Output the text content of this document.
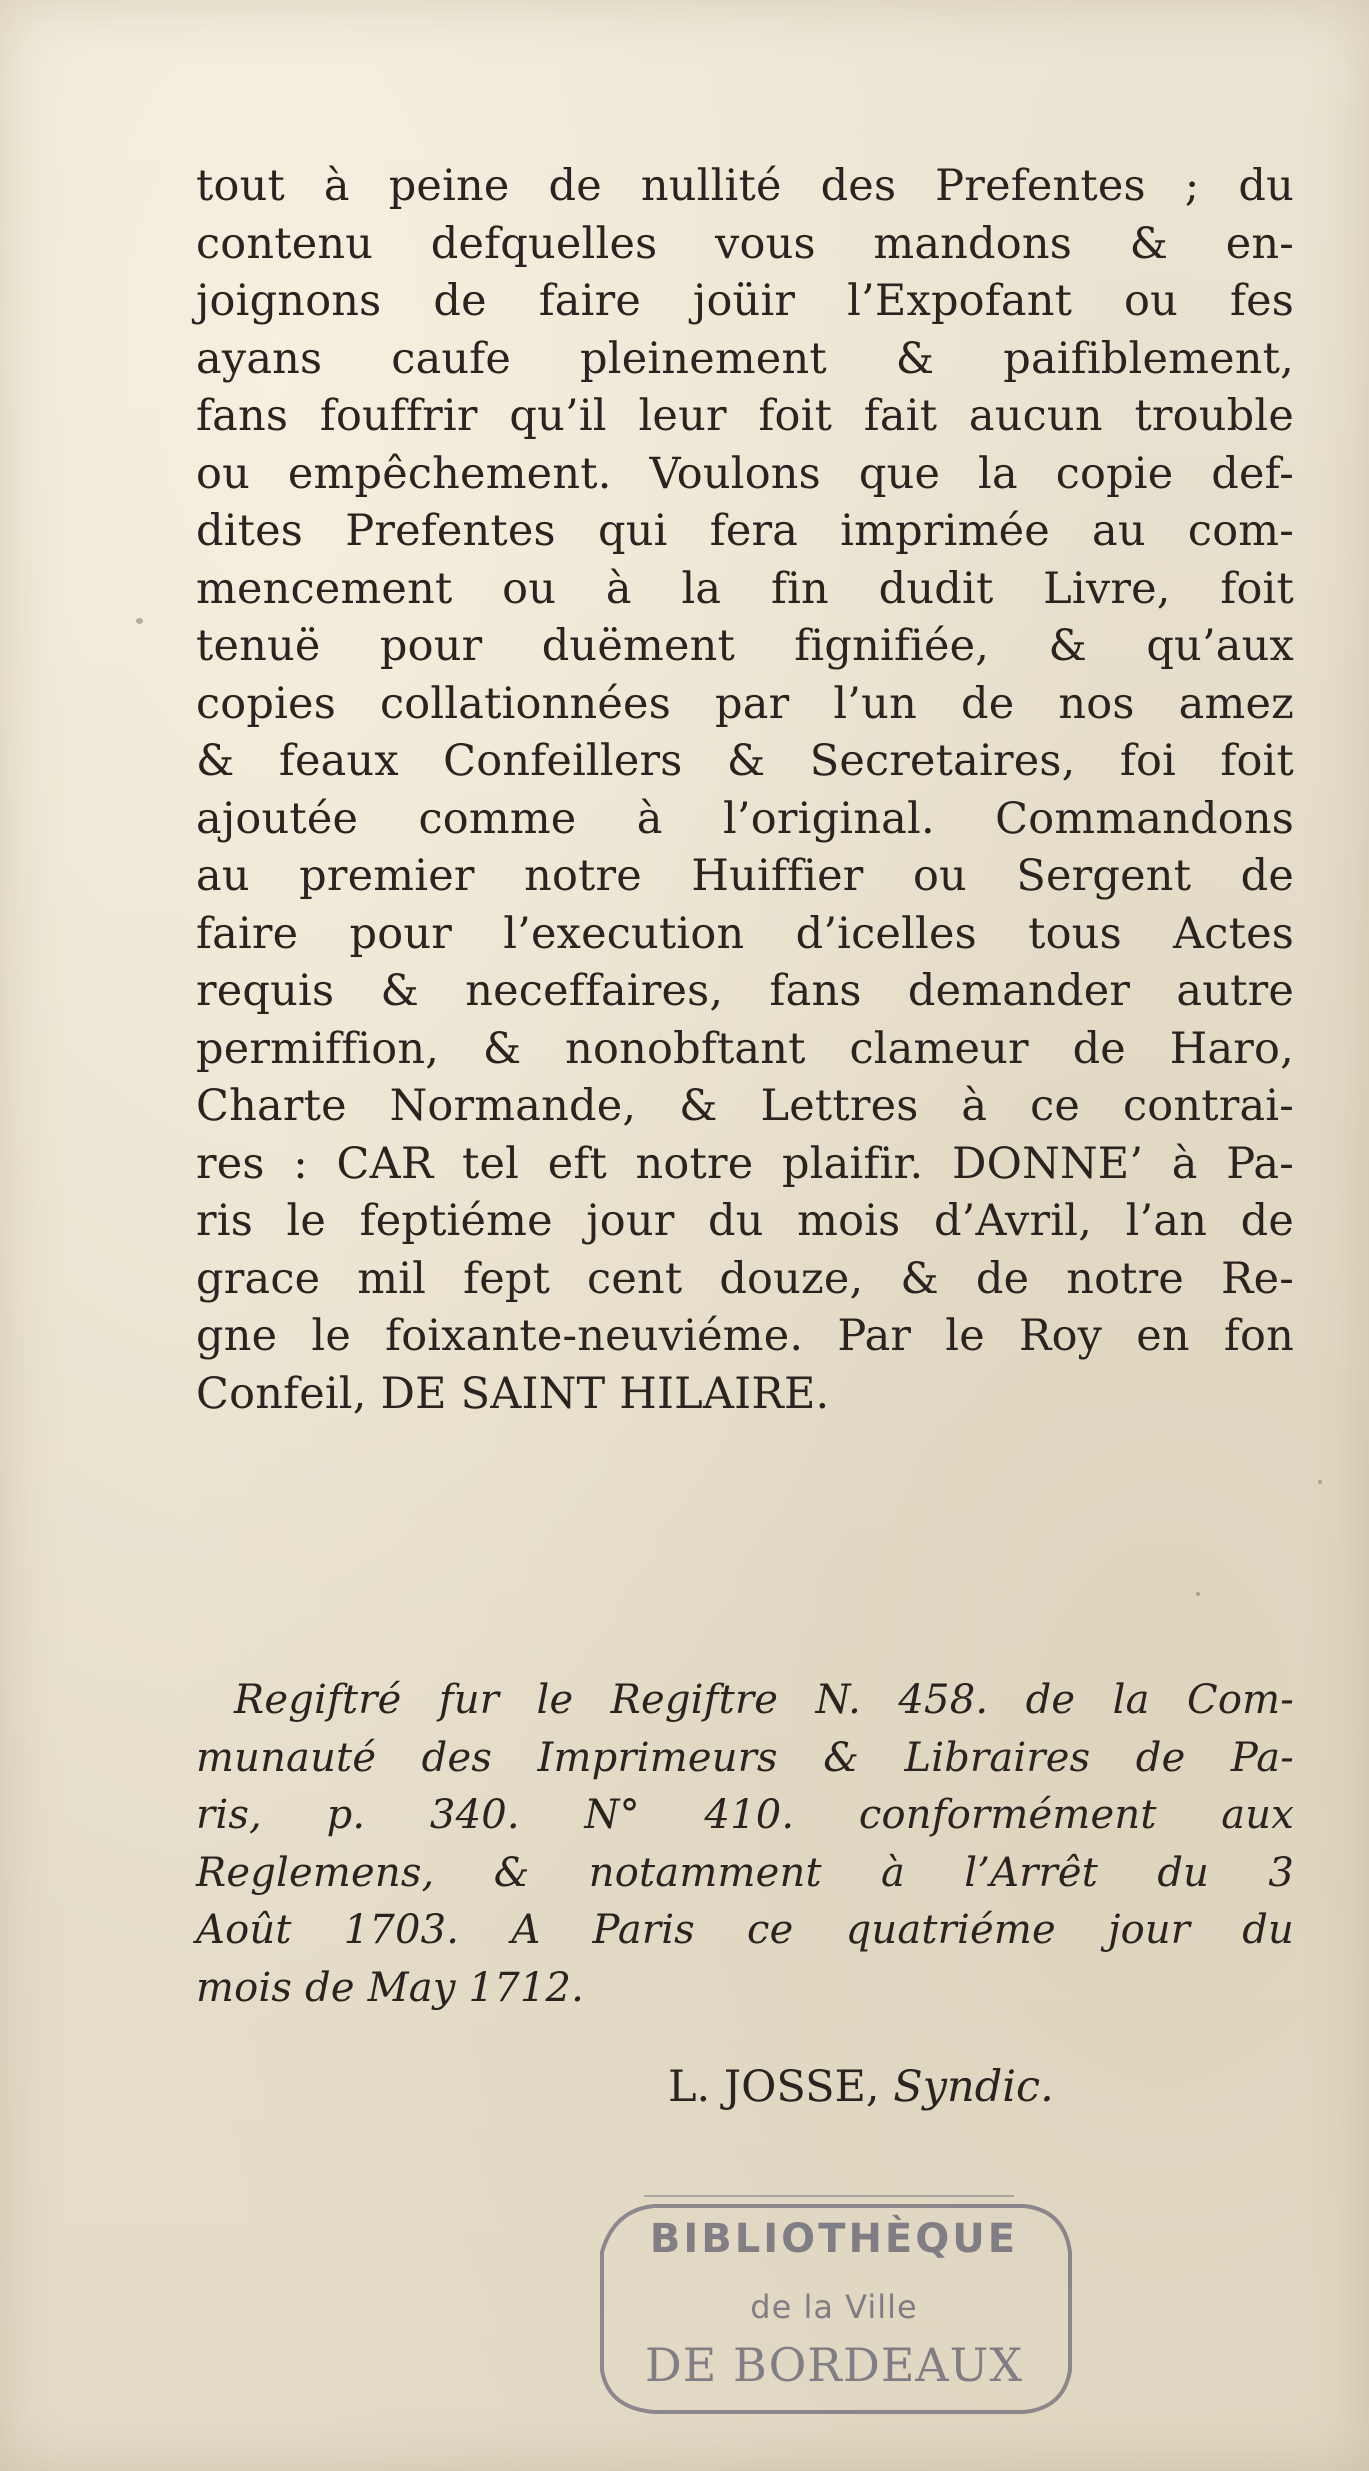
tout à peine de nullité des Prefentes ; du
contenu defquelles vous mandons & en-
joignons de faire joüir l’Expofant ou fes
ayans caufe pleinement & paifiblement,
fans fouffrir qu’il leur foit fait aucun trouble
ou empêchement. Voulons que la copie def-
dites Prefentes qui fera imprimée au com-
mencement ou à la fin dudit Livre, foit
tenuë pour duëment fignifiée, & qu’aux
copies collationnées par l’un de nos amez
& feaux Confeillers & Secretaires, foi foit
ajoutée comme à l’original. Commandons
au premier notre Huiffier ou Sergent de
faire pour l’execution d’icelles tous Actes
requis & neceffaires, fans demander autre
permiffion, & nonobftant clameur de Haro,
Charte Normande, & Lettres à ce contrai-
res : CAR tel eft notre plaifir. DONNE’ à Pa-
ris le feptiéme jour du mois d’Avril, l’an de
grace mil fept cent douze, & de notre Re-
gne le foixante-neuviéme. Par le Roy en fon
Confeil, DE SAINT HILAIRE.
Regiftré fur le Regiftre N. 458. de la Com-
munauté des Imprimeurs & Libraires de Pa-
ris, p. 340. N° 410. conformément aux
Reglemens, & notamment à l’Arrêt du 3
Août 1703. A Paris ce quatriéme jour du
mois de May 1712.
L. JOSSE, Syndic.
BIBLIOTHÈQUE
de la Ville
DE BORDEAUX
